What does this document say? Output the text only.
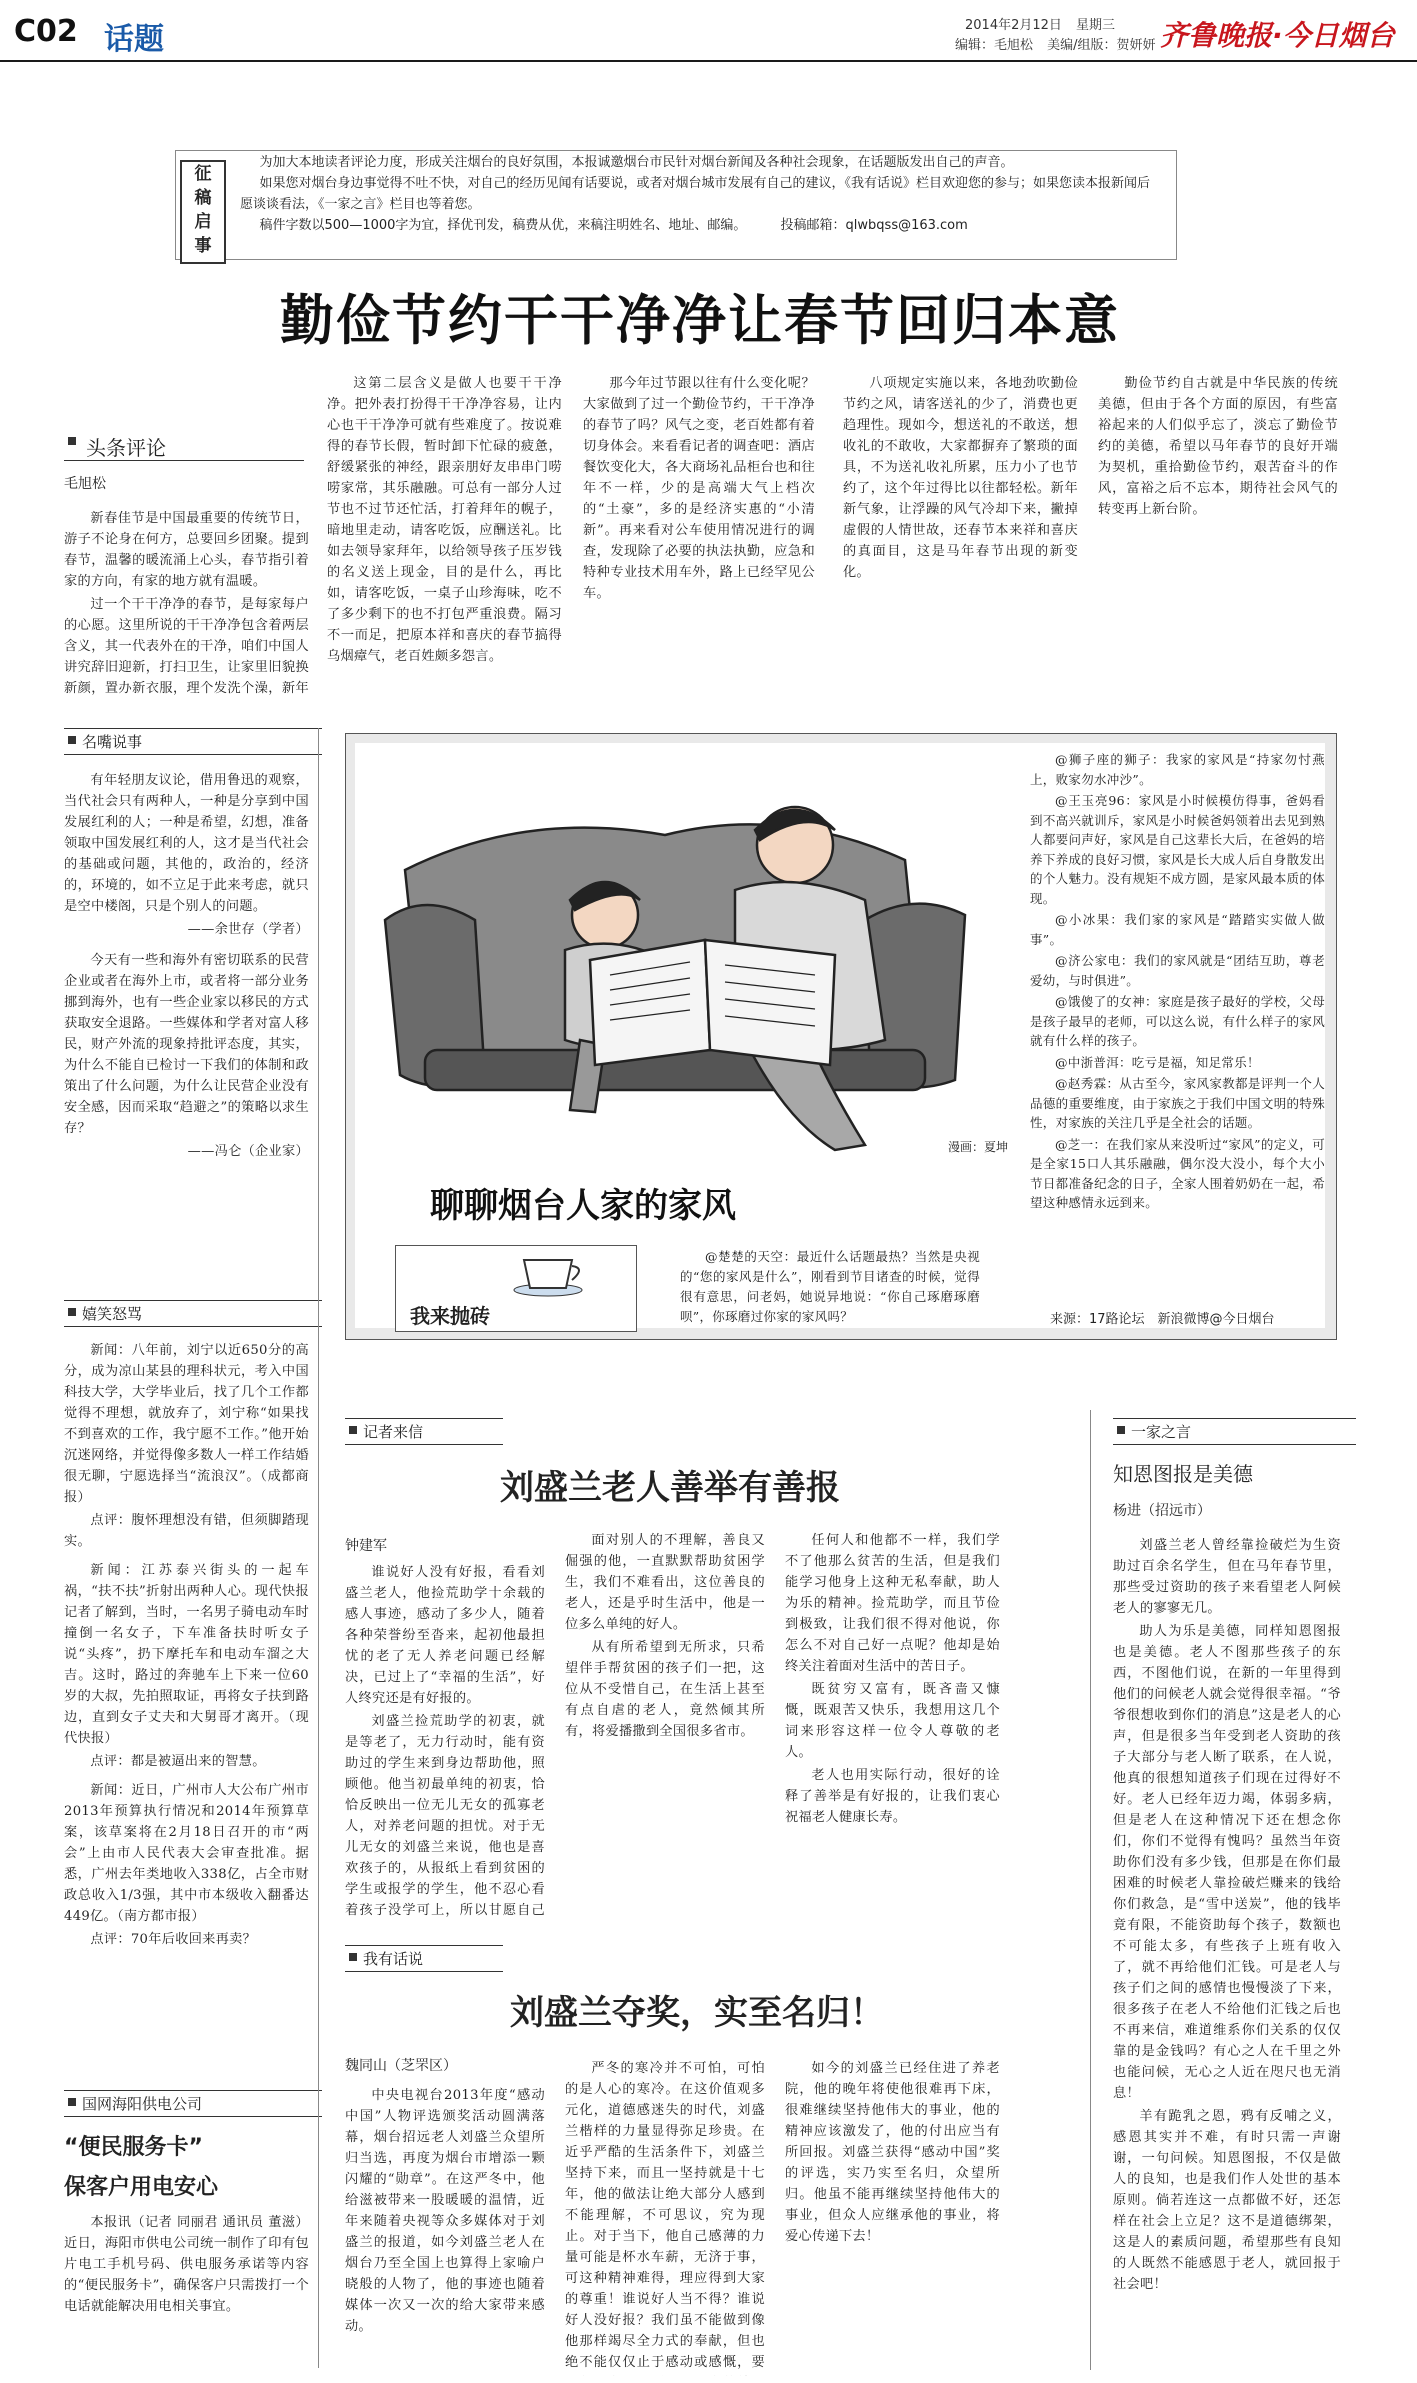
C02 话题	2014年2月12日 星期三
编辑：毛旭松 美编/组版：贺妍妍 齐鲁晚报·今日烟台
征
稿
启
事
为加大本地读者评论力度，形成关注烟台的良好氛围，本报诚邀烟台市民针对烟台新闻及各种社会现象，在话题版发出自己的声音。
如果您对烟台身边事觉得不吐不快，对自己的经历见闻有话要说，或者对烟台城市发展有自己的建议，《我有话说》栏目欢迎您的参与；如果您读本报新闻后愿谈谈看法，《一家之言》栏目也等着您。
稿件字数以500—1000字为宜，择优刊发，稿费从优，来稿注明姓名、地址、邮编。	投稿邮箱：qlwbqss@163.com
勤俭节约干干净净让春节回归本意
头条评论
毛旭松

新春佳节是中国最重要的传统节日，游子不论身在何方，总要回乡团聚。提到春节，温馨的暖流涌上心头，春节指引着家的方向，有家的地方就有温暖。

过一个干干净净的春节，是每家每户的心愿。这里所说的干干净净包含着两层含义，其一代表外在的干净，咱们中国人讲究辞旧迎新，打扫卫生，让家里旧貌换新颜，置办新衣服，理个发洗个澡，新年

这第二层含义是做人也要干干净净。把外表打扮得干干净净容易，让内心也干干净净可就有些难度了。按说难得的春节长假，暂时卸下忙碌的疲惫，舒缓紧张的神经，跟亲朋好友串串门唠唠家常，其乐融融。可总有一部分人过节也不过节还忙活，打着拜年的幌子，暗地里走动，请客吃饭，应酬送礼。比如去领导家拜年，以给领导孩子压岁钱的名义送上现金，目的是什么，再比如，请客吃饭，一桌子山珍海味，吃不了多少剩下的也不打包严重浪费。隔习不一而足，把原本祥和喜庆的春节搞得乌烟瘴气，老百姓颇多怨言。

那今年过节跟以往有什么变化呢？大家做到了过一个勤俭节约，干干净净的春节了吗？风气之变，老百姓都有着切身体会。来看看记者的调查吧：酒店餐饮变化大，各大商场礼品柜台也和往年不一样，少的是高端大气上档次的“土豪”，多的是经济实惠的“小清新”。再来看对公车使用情况进行的调查，发现除了必要的执法执勤，应急和特种专业技术用车外，路上已经罕见公车。

八项规定实施以来，各地劲吹勤俭节约之风，请客送礼的少了，消费也更趋理性。现如今，想送礼的不敢送，想收礼的不敢收，大家都摒弃了繁琐的面具，不为送礼收礼所累，压力小了也节约了，这个年过得比以往都轻松。新年新气象，让浮躁的风气冷却下来，撇掉虚假的人情世故，还春节本来祥和喜庆的真面目，这是马年春节出现的新变化。

勤俭节约自古就是中华民族的传统美德，但由于各个方面的原因，有些富裕起来的人们似乎忘了，淡忘了勤俭节约的美德，希望以马年春节的良好开端为契机，重拾勤俭节约，艰苦奋斗的作风，富裕之后不忘本，期待社会风气的转变再上新台阶。

名嘴说事

有年轻朋友议论，借用鲁迅的观察，当代社会只有两种人，一种是分享到中国发展红利的人；一种是希望，幻想，准备领取中国发展红利的人，这才是当代社会的基础或问题，其他的，政治的，经济的，环境的，如不立足于此来考虑，就只是空中楼阁，只是个别人的问题。

——余世存（学者）

今天有一些和海外有密切联系的民营企业或者在海外上市，或者将一部分业务挪到海外，也有一些企业家以移民的方式获取安全退路。一些媒体和学者对富人移民，财产外流的现象持批评态度，其实，为什么不能自已检讨一下我们的体制和政策出了什么问题，为什么让民营企业没有安全感，因而采取“趋避之”的策略以求生存？

——冯仑（企业家）

嬉笑怒骂

新闻：八年前，刘宁以近650分的高分，成为凉山某县的理科状元，考入中国科技大学，大学毕业后，找了几个工作都觉得不理想，就放弃了，刘宁称“如果找不到喜欢的工作，我宁愿不工作。”他开始沉迷网络，并觉得像多数人一样工作结婚很无聊，宁愿选择当“流浪汉”。（成都商报）

点评：腹怀理想没有错，但须脚踏现实。

新闻：江苏泰兴街头的一起车祸，“扶不扶”折射出两种人心。现代快报记者了解到，当时，一名男子骑电动车时撞倒一名女子，下车准备扶时听女子说“头疼”，扔下摩托车和电动车溜之大吉。这时，路过的奔驰车上下来一位60岁的大叔，先拍照取证，再将女子扶到路边，直到女子丈夫和大舅哥才离开。（现代快报）

点评：都是被逼出来的智慧。

新闻：近日，广州市人大公布广州市2013年预算执行情况和2014年预算草案，该草案将在2月18日召开的市“两会”上由市人民代表大会审查批准。据悉，广州去年类地收入338亿，占全市财政总收入1/3强，其中市本级收入翻番达449亿。（南方都市报）

点评：70年后收回来再卖？

国网海阳供电公司
“便民服务卡”
保客户用电安心

本报讯（记者 同丽君 通讯员 董滋）近日，海阳市供电公司统一制作了印有包片电工手机号码、供电服务承诺等内容的“便民服务卡”，确保客户只需拨打一个电话就能解决用电相关事宜。

漫画：夏坤
聊聊烟台人家的家风
我来抛砖

@楚楚的天空：最近什么话题最热？当然是央视的“您的家风是什么”，刚看到节目诸查的时候，觉得很有意思，问老妈，她说异地说：“你自己琢磨琢磨呗”，你琢磨过你家的家风吗？

@狮子座的狮子：我家的家风是“持家勿忖燕上，败家勿水冲沙”。

@王玉亮96：家风是小时候模仿得事，爸妈看到不高兴就训斥，家风是小时候爸妈领着出去见到熟人都要问声好，家风是自己这辈长大后，在爸妈的培养下养成的良好习惯，家风是长大成人后自身散发出的个人魅力。没有规矩不成方圆，是家风最本质的体现。

@小冰果：我们家的家风是“踏踏实实做人做事”。

@济公家电：我们的家风就是“团结互助，尊老爱幼，与时俱进”。

@饿傻了的女神：家庭是孩子最好的学校，父母是孩子最早的老师，可以这么说，有什么样子的家风就有什么样的孩子。

@中浙普洱：吃亏是福，知足常乐！

@赵秀霖：从古至今，家风家教都是评判一个人品德的重要维度，由于家族之于我们中国文明的特殊性，对家族的关注几乎是全社会的话题。

@芝一：在我们家从来没听过“家风”的定义，可是全家15口人其乐融融，偶尔没大没小，每个大小节日都准备纪念的日子，全家人围着奶奶在一起，希望这种感情永远到来。

来源：17路论坛　新浪微博@今日烟台
记者来信
刘盛兰老人善举有善报
钟建军

谁说好人没有好报，看看刘盛兰老人，他捡荒助学十余载的感人事迹，感动了多少人，随着各种荣誉纷至沓来，起初他最担忧的老了无人养老问题已经解决，已过上了“幸福的生活”，好人终究还是有好报的。

刘盛兰捡荒助学的初衷，就是等老了，无力行动时，能有资助过的学生来到身边帮助他，照顾他。他当初最单纯的初衷，恰恰反映出一位无儿无女的孤寡老人，对养老问题的担忧。对于无儿无女的刘盛兰来说，他也是喜欢孩子的，从报纸上看到贫困的学生或报学的学生，他不忍心看着孩子没学可上，所以甘愿自己

面对别人的不理解，善良又倔强的他，一直默默帮助贫困学生，我们不难看出，这位善良的老人，还是乎时生活中，他是一位多么单纯的好人。

从有所希望到无所求，只希望伴手帮贫困的孩子们一把，这位从不受惜自己，在生活上甚至有点自虐的老人，竟然倾其所有，将爱播撒到全国很多省市。

任何人和他都不一样，我们学不了他那么贫苦的生活，但是我们能学习他身上这种无私奉献，助人为乐的精神。捡荒助学，而且节俭到极致，让我们很不得对他说，你怎么不对自己好一点呢？他却是始终关注着面对生活中的苦日子。

既贫穷又富有，既吝啬又慷慨，既艰苦又快乐，我想用这几个词来形容这样一位令人尊敬的老人。

老人也用实际行动，很好的诠释了善举是有好报的，让我们衷心祝福老人健康长寿。

我有话说
刘盛兰夺奖，实至名归！
魏同山（芝罘区）

中央电视台2013年度“感动中国”人物评选颁奖活动圆满落幕，烟台招远老人刘盛兰众望所归当选，再度为烟台市增添一颗闪耀的“勋章”。在这严冬中，他给滋被带来一股暖暖的温情，近年来随着央视等众多媒体对于刘盛兰的报道，如今刘盛兰老人在烟台乃至全国上也算得上家喻户晓般的人物了，他的事迹也随着媒体一次又一次的给大家带来感动。

严冬的寒冷并不可怕，可怕的是人心的寒冷。在这价值观多元化，道德感迷失的时代，刘盛兰楷样的力量显得弥足珍贵。在近乎严酷的生活条件下，刘盛兰坚持下来，而且一坚持就是十七年，他的做法让绝大部分人感到不能理解，不可思议，究为现止。对于当下，他自己感薄的力量可能是杯水车薪，无济于事，可这种精神难得，理应得到大家的尊重！谁说好人当不得？谁说好人没好报？我们虽不能做到像他那样竭尽全力式的奉献，但也绝不能仅仅止于感动或感慨，要

如今的刘盛兰已经住进了养老院，他的晚年将使他很难再下床，很难继续坚持他伟大的事业，他的精神应该激发了，他的付出应当有所回报。刘盛兰获得“感动中国”奖的评选，实乃实至名归，众望所归。他虽不能再继续坚持他伟大的事业，但众人应继承他的事业，将爱心传递下去！

一家之言
知恩图报是美德
杨进（招远市）

刘盛兰老人曾经靠捡破烂为生资助过百余名学生，但在马年春节里，那些受过资助的孩子来看望老人阿候老人的寥寥无几。

助人为乐是美德，同样知恩图报也是美德。老人不图那些孩子的东西，不图他们说，在新的一年里得到他们的问候老人就会觉得很幸福。“爷爷很想收到你们的消息”这是老人的心声，但是很多当年受到老人资助的孩子大部分与老人断了联系，在人说，他真的很想知道孩子们现在过得好不好。老人已经年迈力竭，体弱多病，但是老人在这种情况下还在想念你们，你们不觉得有愧吗？虽然当年资助你们没有多少钱，但那是在你们最困难的时候老人靠捡破烂赚来的钱给你们救急，是“雪中送炭”，他的钱毕竟有限，不能资助每个孩子，数额也不可能太多，有些孩子上班有收入了，就不再给他们汇钱。可是老人与孩子们之间的感情也慢慢淡了下来，很多孩子在老人不给他们汇钱之后也不再来信，难道维系你们关系的仅仅靠的是金钱吗？有心之人在千里之外也能问候，无心之人近在咫尺也无消息！

羊有跪乳之恩，鸦有反哺之义，感恩其实并不难，有时只需一声谢谢，一句问候。知恩图报，不仅是做人的良知，也是我们作人处世的基本原则。倘若连这一点都做不好，还怎样在社会上立足？这不是道德绑架，这是人的素质问题，希望那些有良知的人既然不能感恩于老人，就回报于社会吧！
